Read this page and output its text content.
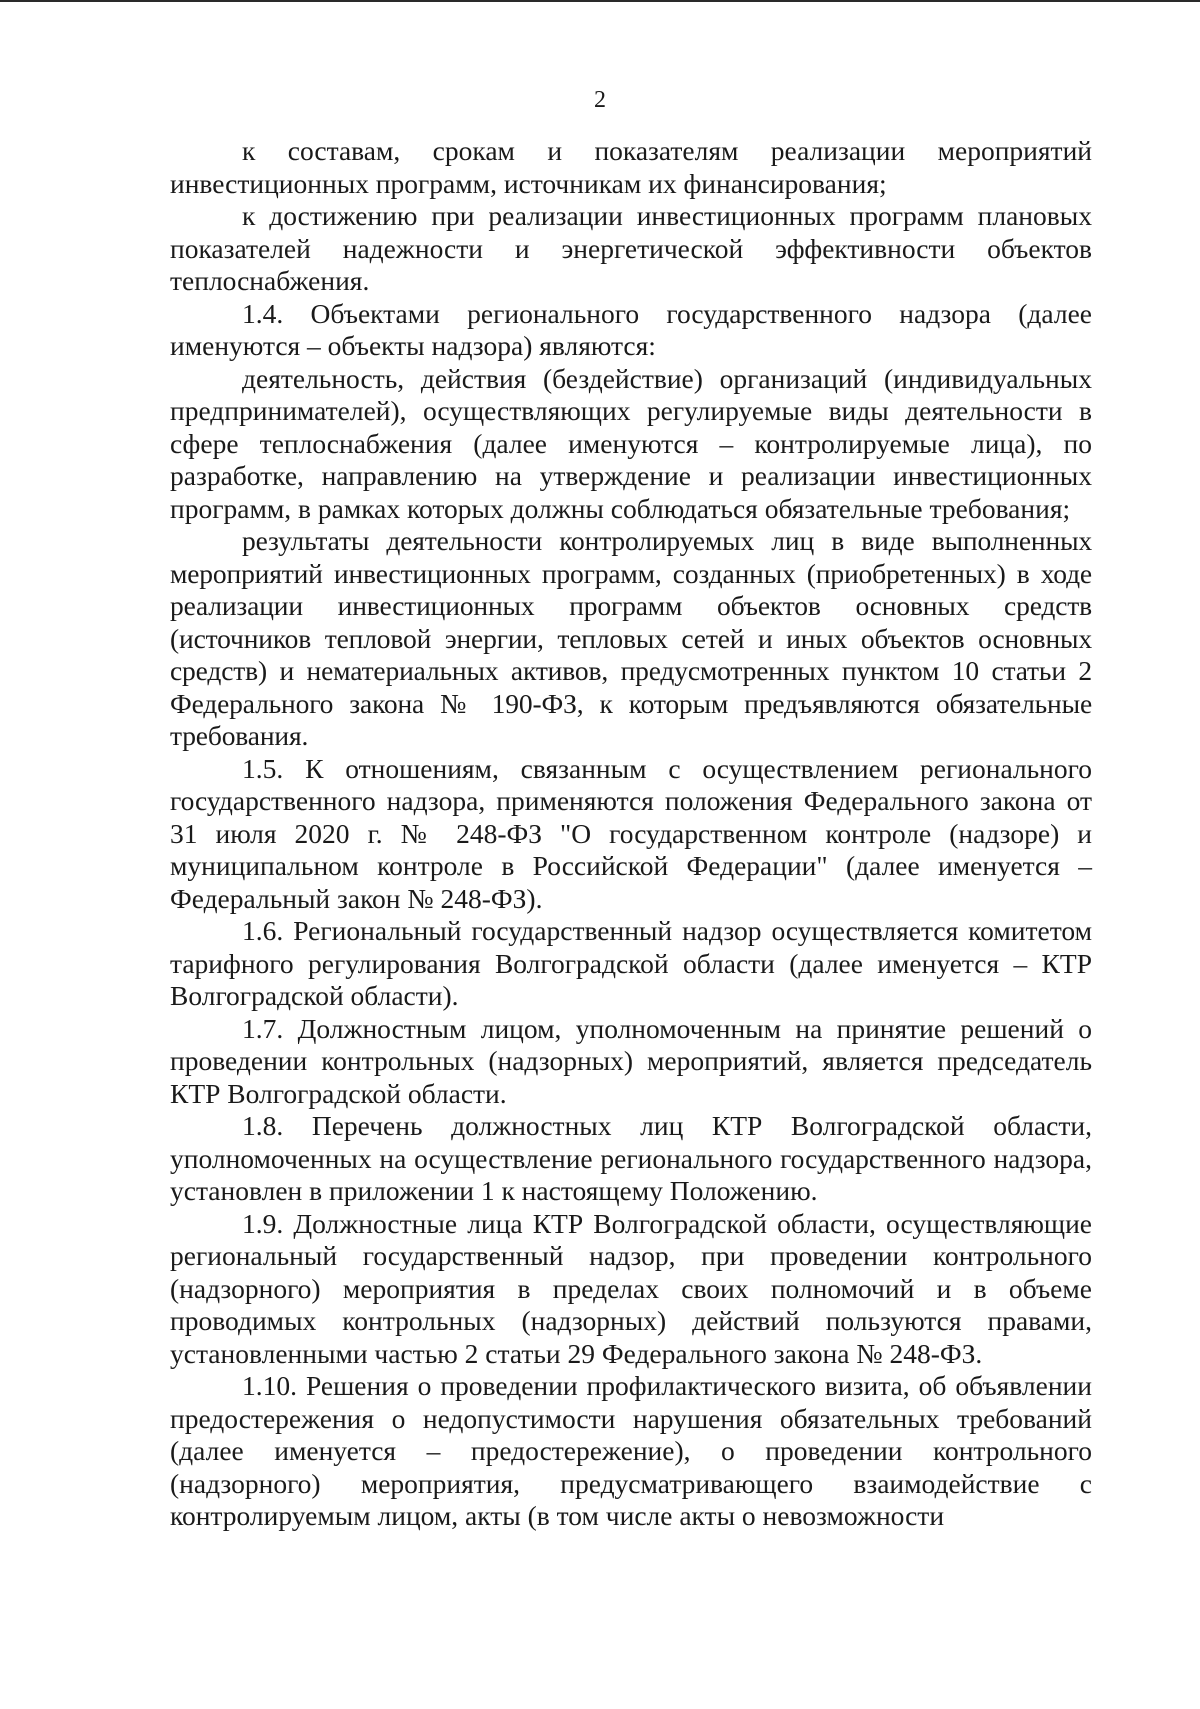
2

к составам, срокам и показателям реализации мероприятий инвестиционных программ, источникам их финансирования;

к достижению при реализации инвестиционных программ плановых показателей надежности и энергетической эффективности объектов теплоснабжения.

1.4. Объектами регионального государственного надзора (далее именуются – объекты надзора) являются:

деятельность, действия (бездействие) организаций (индивидуальных предпринимателей), осуществляющих регулируемые виды деятельности в сфере теплоснабжения (далее именуются – контролируемые лица), по разработке, направлению на утверждение и реализации инвестиционных программ, в рамках которых должны соблюдаться обязательные требования;

результаты деятельности контролируемых лиц в виде выполненных мероприятий инвестиционных программ, созданных (приобретенных) в ходе реализации инвестиционных программ объектов основных средств (источников тепловой энергии, тепловых сетей и иных объектов основных средств) и нематериальных активов, предусмотренных пунктом 10 статьи 2 Федерального закона № 190-ФЗ, к которым предъявляются обязательные требования.

1.5. К отношениям, связанным с осуществлением регионального государственного надзора, применяются положения Федерального закона от 31 июля 2020 г. № 248-ФЗ "О государственном контроле (надзоре) и муниципальном контроле в Российской Федерации" (далее именуется – Федеральный закон № 248-ФЗ).

1.6. Региональный государственный надзор осуществляется комитетом тарифного регулирования Волгоградской области (далее именуется – КТР Волгоградской области).

1.7. Должностным лицом, уполномоченным на принятие решений о проведении контрольных (надзорных) мероприятий, является председатель КТР Волгоградской области.

1.8. Перечень должностных лиц КТР Волгоградской области, уполномоченных на осуществление регионального государственного надзора, установлен в приложении 1 к настоящему Положению.

1.9. Должностные лица КТР Волгоградской области, осуществляющие региональный государственный надзор, при проведении контрольного (надзорного) мероприятия в пределах своих полномочий и в объеме проводимых контрольных (надзорных) действий пользуются правами, установленными частью 2 статьи 29 Федерального закона № 248-ФЗ.

1.10. Решения о проведении профилактического визита, об объявлении предостережения о недопустимости нарушения обязательных требований (далее именуется – предостережение), о проведении контрольного (надзорного) мероприятия, предусматривающего взаимодействие с контролируемым лицом, акты (в том числе акты о невозможности
